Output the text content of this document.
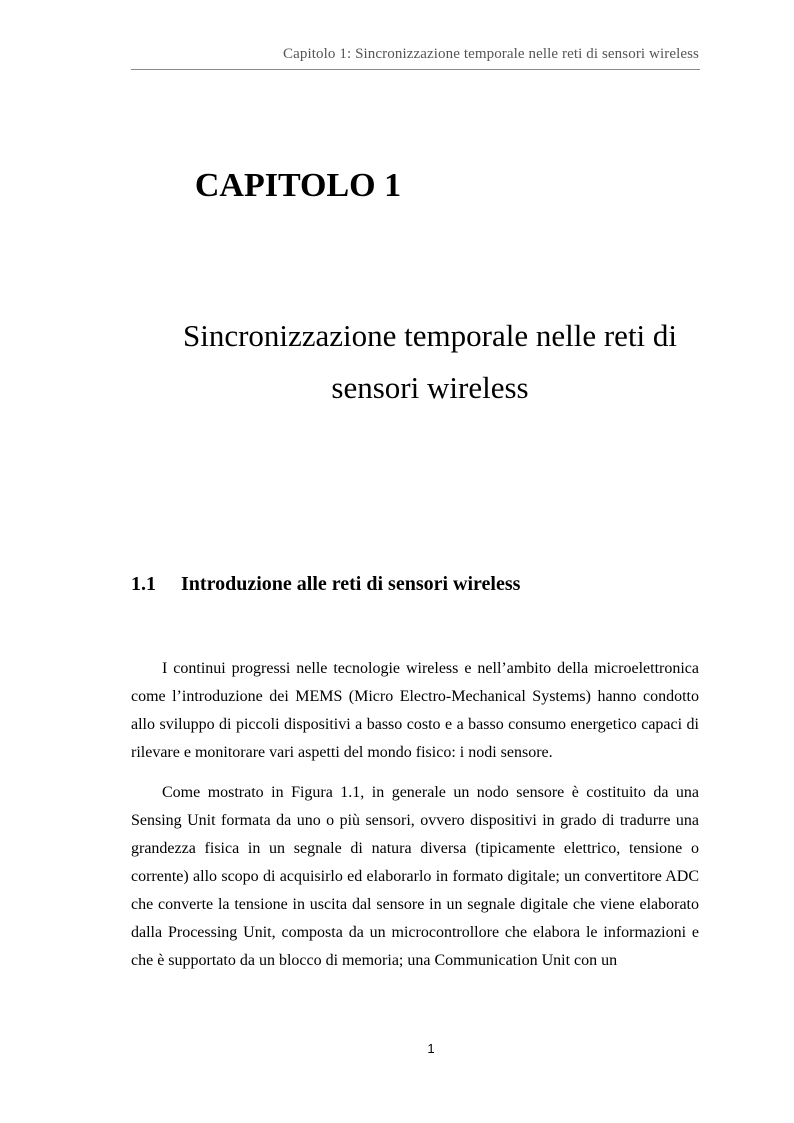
Capitolo 1: Sincronizzazione temporale nelle reti di sensori wireless
CAPITOLO 1
Sincronizzazione temporale nelle reti di
sensori wireless
1.1 Introduzione alle reti di sensori wireless

I continui progressi nelle tecnologie wireless e nell’ambito della microelettronica come l’introduzione dei MEMS (Micro Electro-Mechanical Systems) hanno condotto allo sviluppo di piccoli dispositivi a basso costo e a basso consumo energetico capaci di rilevare e monitorare vari aspetti del mondo fisico: i nodi sensore.

Come mostrato in Figura 1.1, in generale un nodo sensore è costituito da una Sensing Unit formata da uno o più sensori, ovvero dispositivi in grado di tradurre una grandezza fisica in un segnale di natura diversa (tipicamente elettrico, tensione o corrente) allo scopo di acquisirlo ed elaborarlo in formato digitale; un convertitore ADC che converte la tensione in uscita dal sensore in un segnale digitale che viene elaborato dalla Processing Unit, composta da un microcontrollore che elabora le informazioni e che è supportato da un blocco di memoria; una Communication Unit con un

1
